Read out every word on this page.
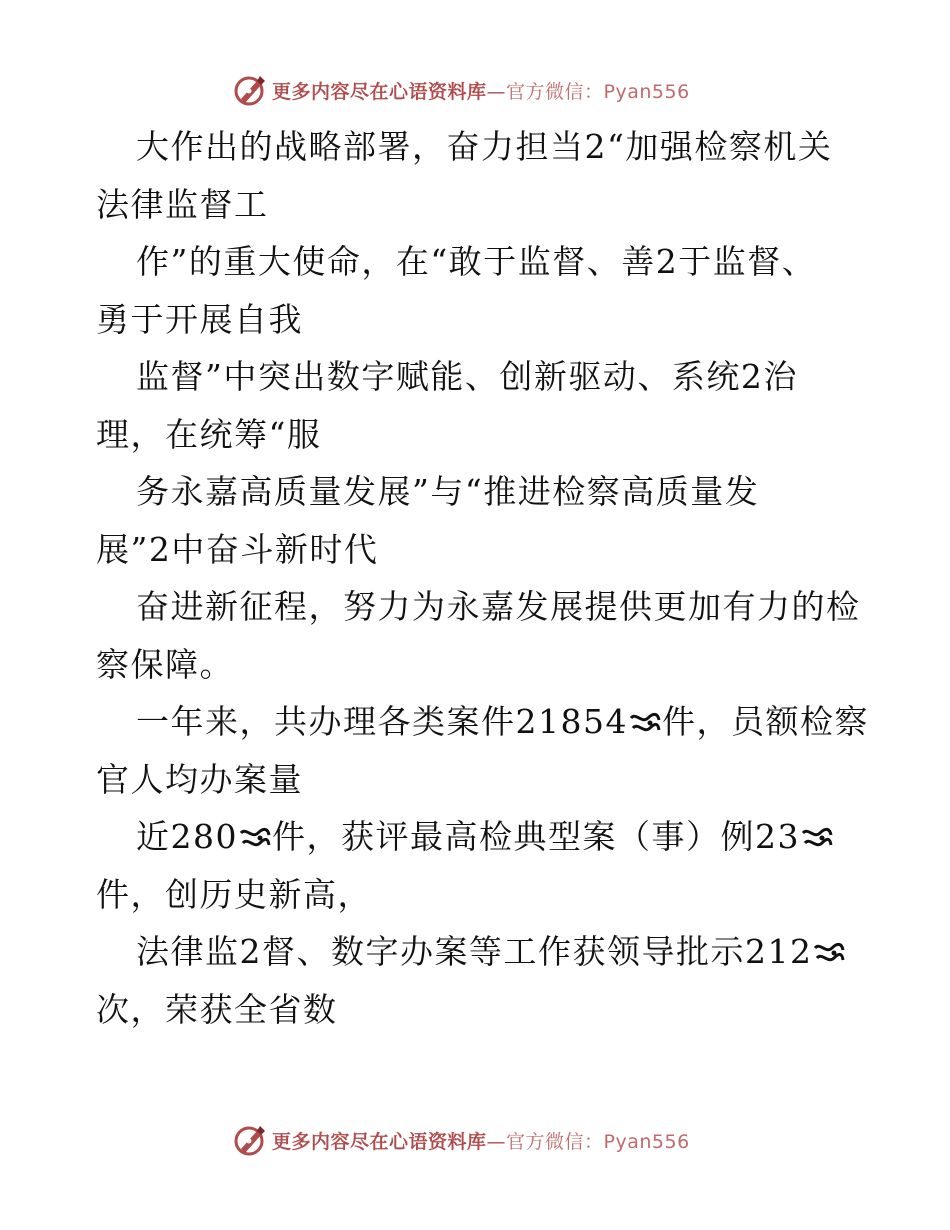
更多内容尽在心语资料库—官方微信：Pyan556
大作出的战略部署，奋力担当2“加强检察机关
法律监督工
作”的重大使命，在“敢于监督、善2于监督、
勇于开展自我
监督”中突出数字赋能、创新驱动、系统2治
理，在统筹“服
务永嘉高质量发展”与“推进检察高质量发
展”2中奋斗新时代
奋进新征程，努力为永嘉发展提供更加有力的检
察保障。
一年来，共办理各类案件21854 件，员额检察
官人均办案量
近280 件，获评最高检典型案（事）例23
件，创历史新高，
法律监2督、数字办案等工作获领导批示212
次，荣获全省数
更多内容尽在心语资料库—官方微信：Pyan556
